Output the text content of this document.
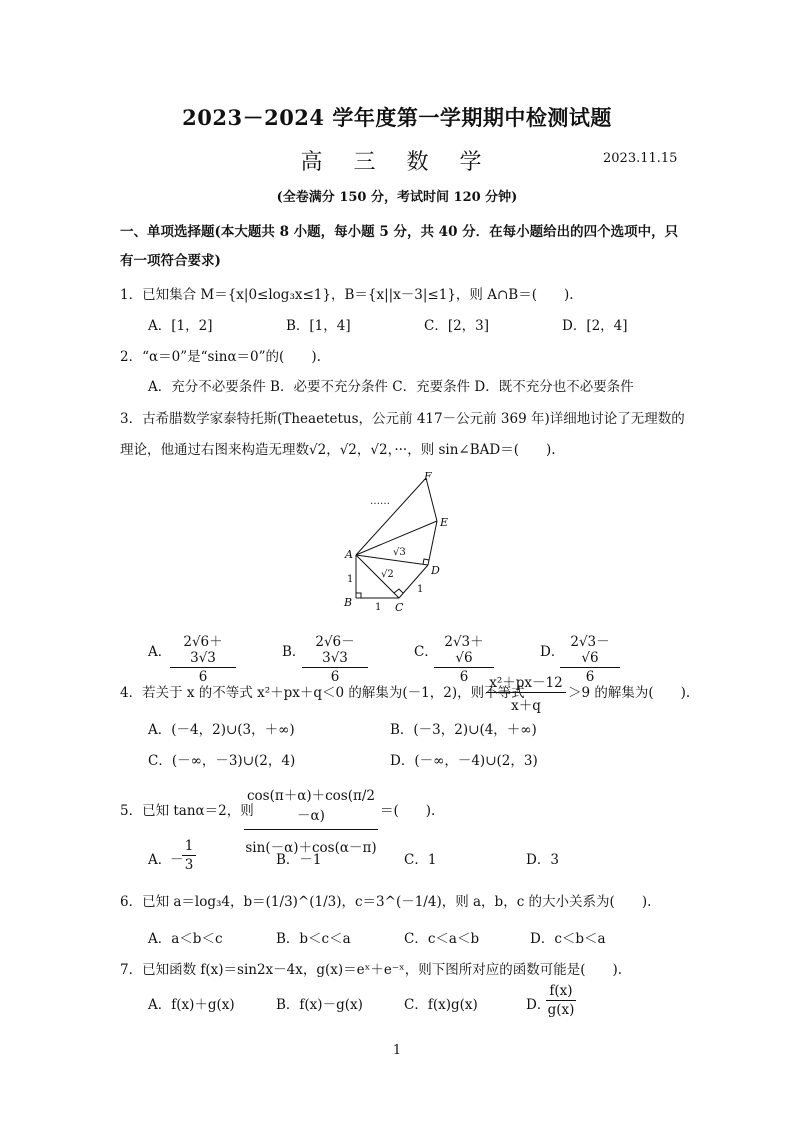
2023－2024 学年度第一学期期中检测试题
高 三 数 学	2023.11.15
(全卷满分 150 分，考试时间 120 分钟)
一、单项选择题(本大题共 8 小题，每小题 5 分，共 40 分．在每小题给出的四个选项中，只
有一项符合要求)
1．已知集合 M＝{x|0≤log₃x≤1}，B＝{x||x－3|≤1}，则 A∩B＝(　　).
A．[1，2]	B．[1，4]	C．[2，3]	D．[2，4]
2．“α＝0”是“sinα＝0”的(　　).
A．充分不必要条件 B．必要不充分条件 C．充要条件 D．既不充分也不必要条件
3．古希腊数学家泰特托斯(Theaetetus，公元前 417－公元前 369 年)详细地讨论了无理数的
理论，他通过右图来构造无理数√2，√2，√2，···，则 sin∠BAD＝(　　).
A
B	C
D
E
F
……
1
1
1
√2
√3
A．
$\frac{2√6+3√3}{6}$	B．
$\frac{2√6-3√3}{6}$	C．
$\frac{2√3+√6}{6}$	D．
$\frac{2√3-√6}{6}$
4．若关于 x 的不等式 x²＋px＋q＜0 的解集为(－1，2)，则不等式
$\frac{\text{x²＋px－12}}{x+q} >9$ 的解集为(　　).
A．(－4，2)∪(3，＋∞)	B．(－3，2)∪(4，＋∞)
C．(－∞，－3)∪(2，4)	D．(－∞，－4)∪(2，3)
5．已知 tanα＝2，则
$\frac{\cos(\pi+\alpha)+\cos(\pi/2-\alpha)}{\sin(-\alpha)+\cos(\alpha-\pi)}$ ＝(　　).
A．
－
$\frac{1}{3}$	B．－1	C．1	D．3
6．已知 a＝log₃4，b＝(1/3)^(1/3)，c＝3^(－1/4)，则 a，b，c 的大小关系为(　　).
A．a＜b＜c	B．b＜c＜a	C．c＜a＜b	D．c＜b＜a
7．已知函数 f(x)＝sin2x－4x，g(x)＝eˣ＋e⁻ˣ，则下图所对应的函数可能是(　　).
A．f(x)＋g(x)	B．f(x)－g(x)	C．f(x)g(x)	D．
$\frac{f(x)}{g(x)}$
1
